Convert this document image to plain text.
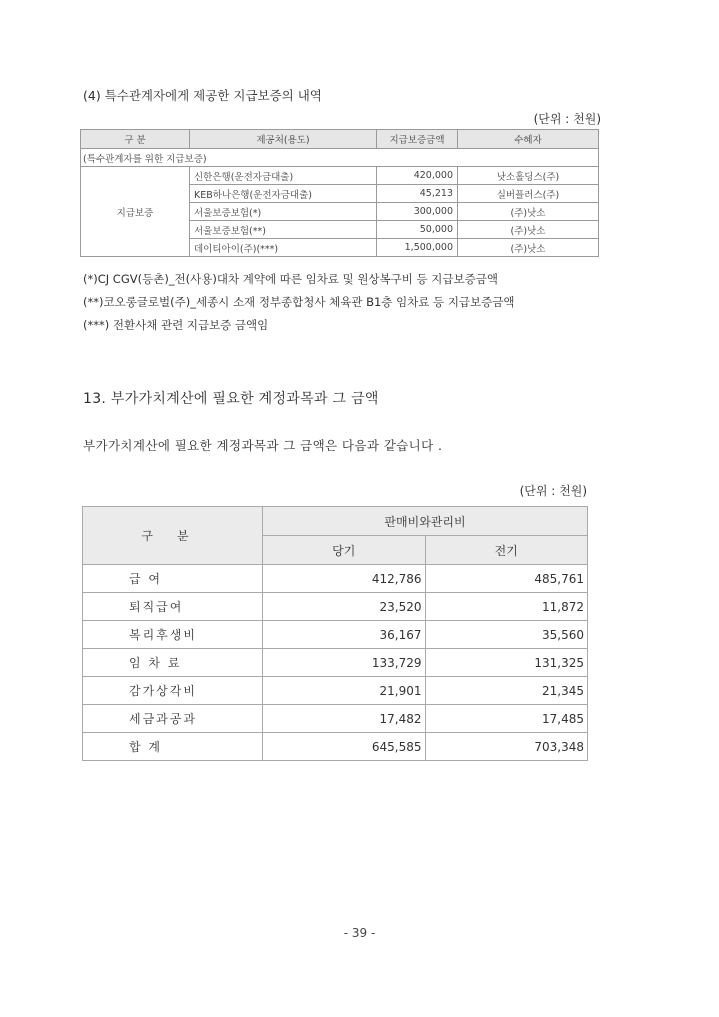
(4) 특수관계자에게 제공한 지급보증의 내역
(단위 : 천원)
구 분	제공처(용도)	지급보증금액	수혜자
(특수관계자를 위한 지급보증)			
지급보증	신한은행(운전자금대출)	420,000	낫소홀딩스(주)
	KEB하나은행(운전자금대출)	45,213	실버플러스(주)
	서울보증보험(*)	300,000	(주)낫소
	서울보증보험(**)	50,000	(주)낫소
	데이티아이(주)(***)	1,500,000	(주)낫소
(*)CJ CGV(등촌)_전(사용)대차 계약에 따른 임차료 및 원상복구비 등 지급보증금액
(**)코오롱글로벌(주)_세종시 소재 정부종합청사 체육관 B1층 임차료 등 지급보증금액
(***) 전환사채 관련 지급보증 금액임
13. 부가가치계산에 필요한 계정과목과 그 금액
부가가치계산에 필요한 계정과목과 그 금액은 다음과 같습니다 .
(단위 : 천원)
구분	판매비와관리비	
	당기	전기
급 여	412,786	485,761
퇴직급여	23,520	11,872
복리후생비	36,167	35,560
임 차 료	133,729	131,325
감가상각비	21,901	21,345
세금과공과	17,482	17,485
합 계	645,585	703,348
- 39 -
